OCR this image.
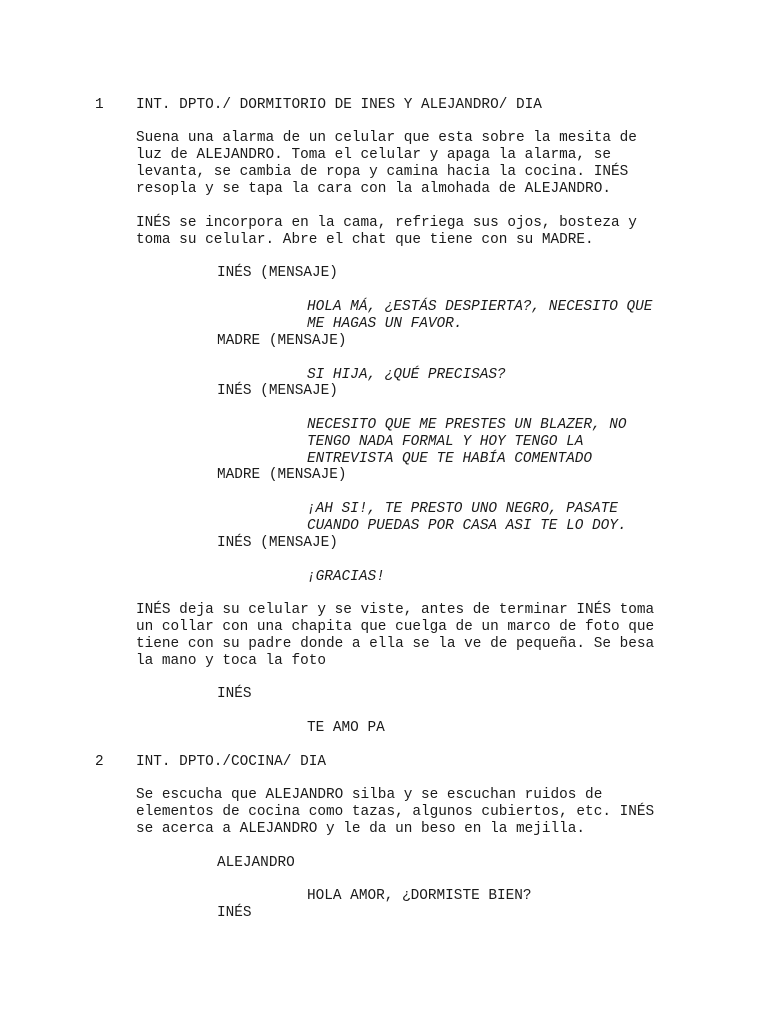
1 INT. DPTO./ DORMITORIO DE INES Y ALEJANDRO/ DIA
Suena una alarma de un celular que esta sobre la mesita de
luz de ALEJANDRO. Toma el celular y apaga la alarma, se
levanta, se cambia de ropa y camina hacia la cocina. INÉS
resopla y se tapa la cara con la almohada de ALEJANDRO.
INÉS se incorpora en la cama, refriega sus ojos, bosteza y
toma su celular. Abre el chat que tiene con su MADRE.
INÉS (MENSAJE)
HOLA MÁ, ¿ESTÁS DESPIERTA?, NECESITO QUE
ME HAGAS UN FAVOR.
MADRE (MENSAJE)
SI HIJA, ¿QUÉ PRECISAS?
INÉS (MENSAJE)
NECESITO QUE ME PRESTES UN BLAZER, NO
TENGO NADA FORMAL Y HOY TENGO LA
ENTREVISTA QUE TE HABÍA COMENTADO
MADRE (MENSAJE)
¡AH SI!, TE PRESTO UNO NEGRO, PASATE
CUANDO PUEDAS POR CASA ASI TE LO DOY.
INÉS (MENSAJE)
¡GRACIAS!
INÉS deja su celular y se viste, antes de terminar INÉS toma
un collar con una chapita que cuelga de un marco de foto que
tiene con su padre donde a ella se la ve de pequeña. Se besa
la mano y toca la foto
INÉS
TE AMO PA
2 INT. DPTO./COCINA/ DIA
Se escucha que ALEJANDRO silba y se escuchan ruidos de
elementos de cocina como tazas, algunos cubiertos, etc. INÉS
se acerca a ALEJANDRO y le da un beso en la mejilla.
ALEJANDRO
HOLA AMOR, ¿DORMISTE BIEN?
INÉS
